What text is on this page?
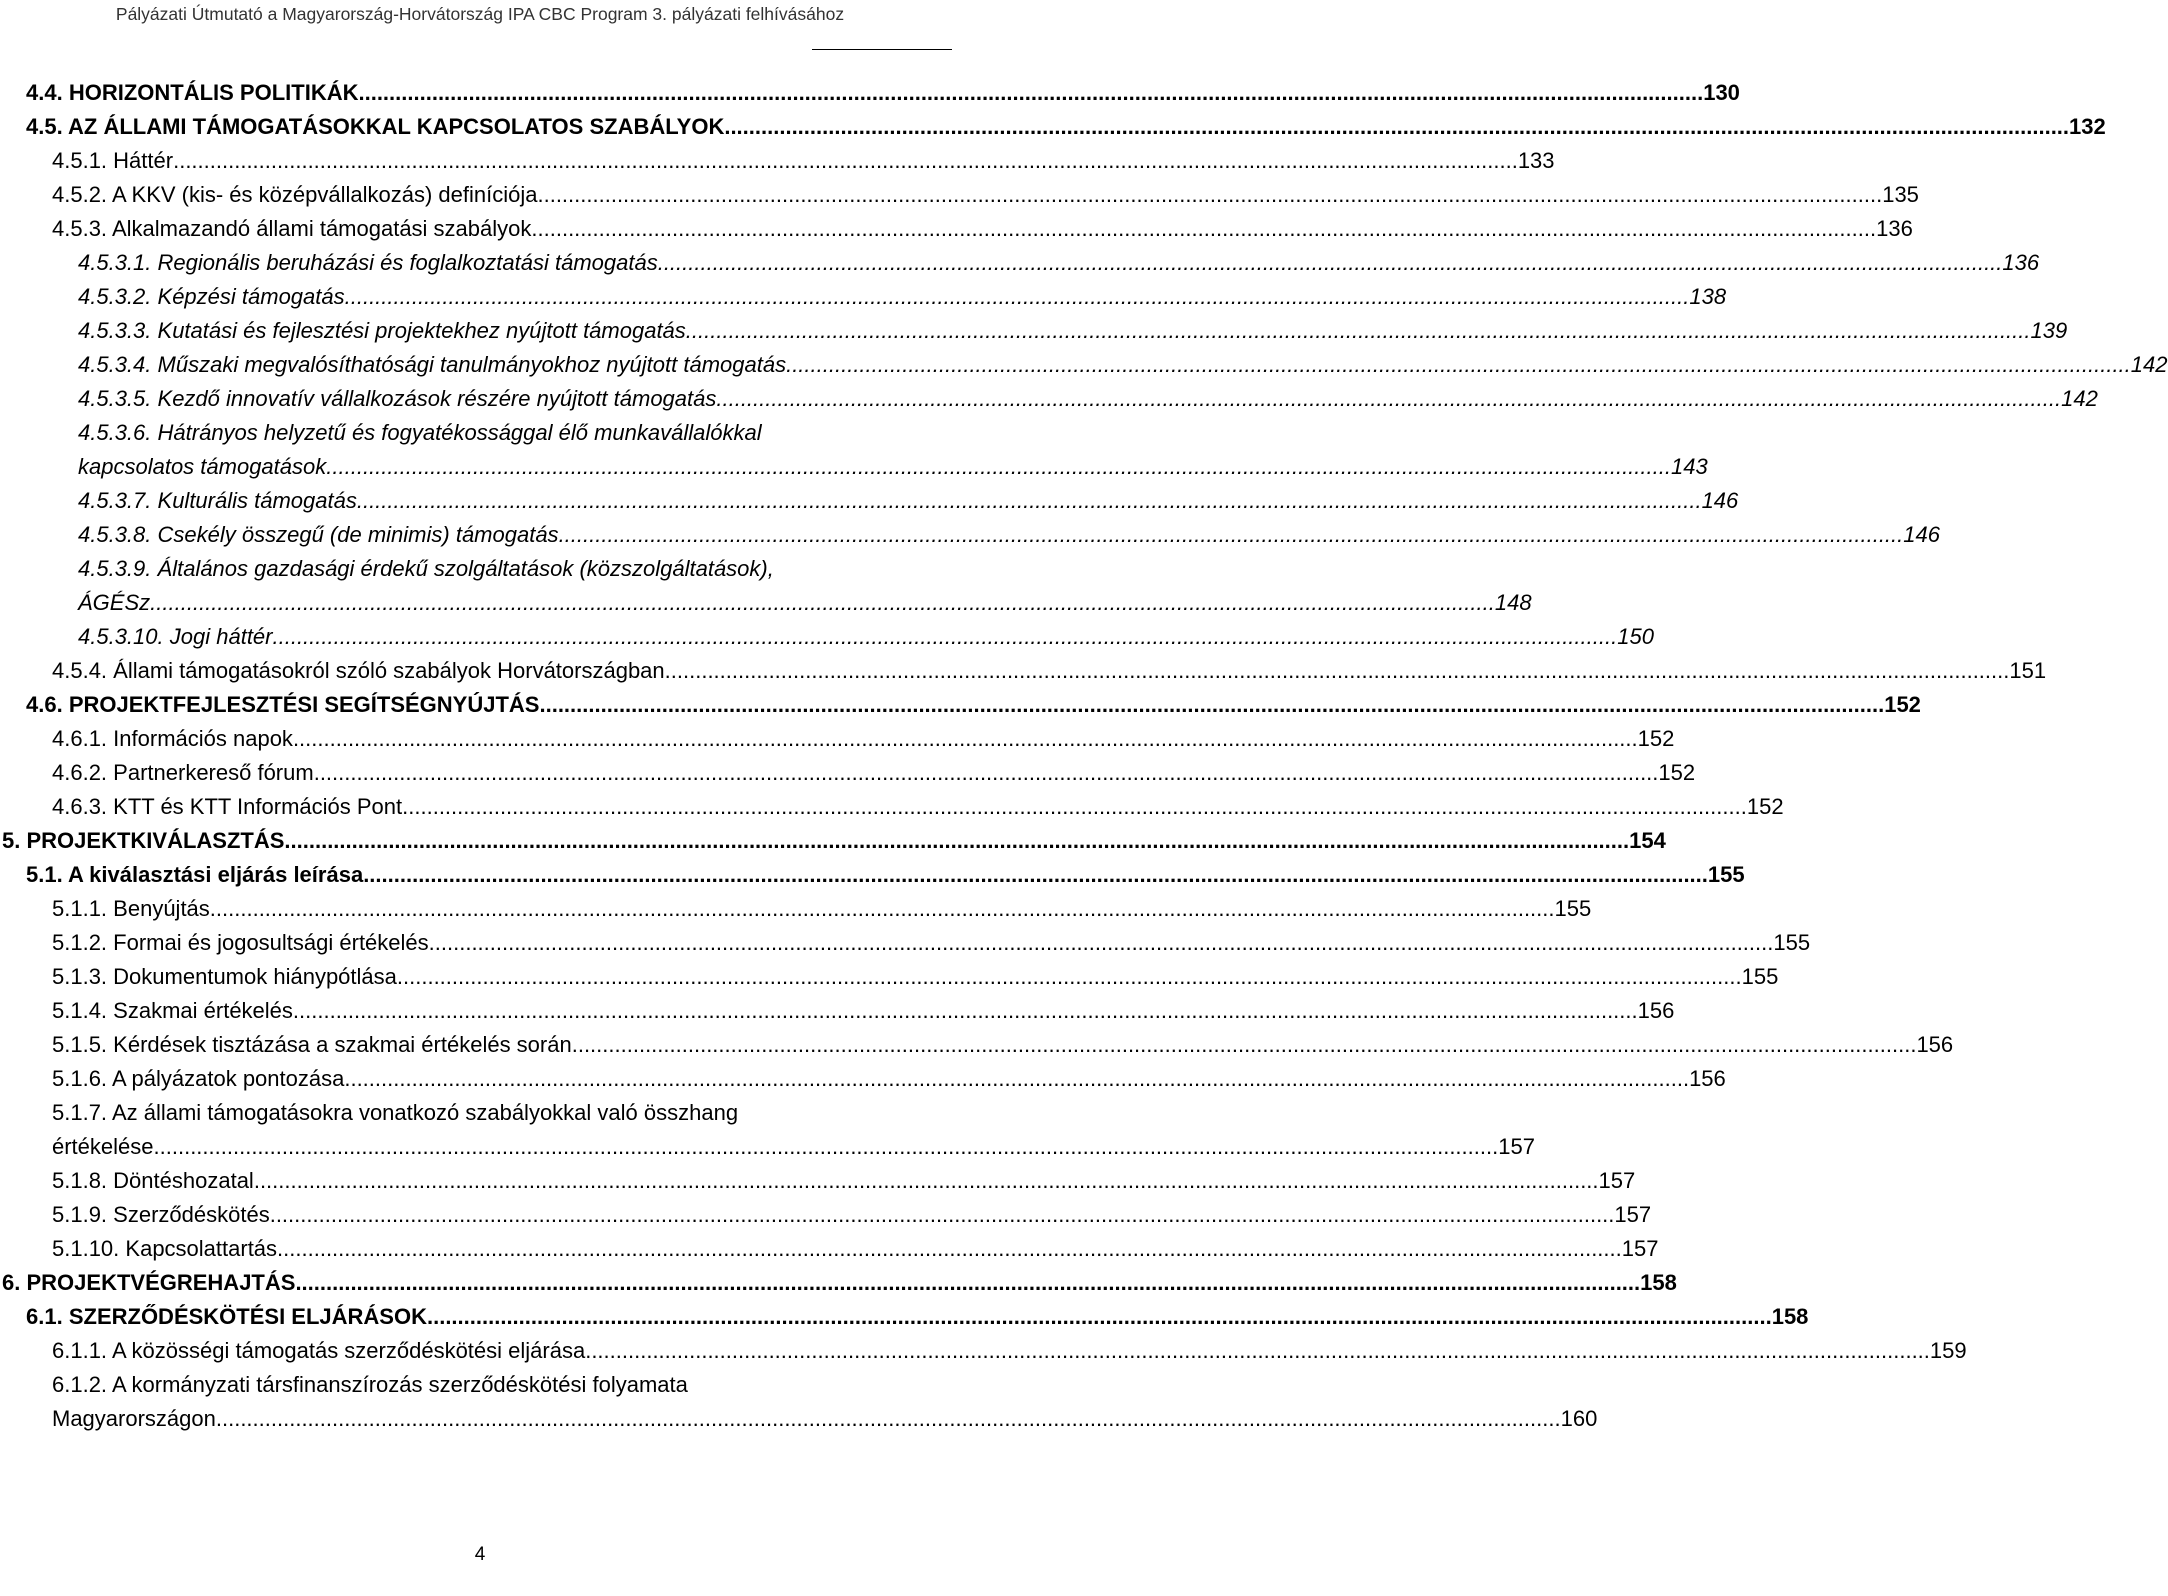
Pályázati Útmutató a Magyarország-Horvátország IPA CBC Program 3. pályázati felhívásához
4.4. HORIZONTÁLIS POLITIKÁK ............................................................................................................................................................................................................................ 130
4.5. AZ ÁLLAMI TÁMOGATÁSOKKAL KAPCSOLATOS SZABÁLYOK ............................................................................................................................................................................................................................ 132
4.5.1. Háttér ............................................................................................................................................................................................................................ 133
4.5.2. A KKV (kis- és középvállalkozás) definíciója ............................................................................................................................................................................................................................ 135
4.5.3. Alkalmazandó állami támogatási szabályok ............................................................................................................................................................................................................................ 136
4.5.3.1. Regionális beruházási és foglalkoztatási támogatás ............................................................................................................................................................................................................................ 136
4.5.3.2. Képzési támogatás ............................................................................................................................................................................................................................ 138
4.5.3.3. Kutatási és fejlesztési projektekhez nyújtott támogatás ............................................................................................................................................................................................................................ 139
4.5.3.4. Műszaki megvalósíthatósági tanulmányokhoz nyújtott támogatás ............................................................................................................................................................................................................................ 142
4.5.3.5. Kezdő innovatív vállalkozások részére nyújtott támogatás ............................................................................................................................................................................................................................ 142
4.5.3.6. Hátrányos helyzetű és fogyatékossággal élő munkavállalókkal
kapcsolatos támogatások ............................................................................................................................................................................................................................ 143
4.5.3.7. Kulturális támogatás ............................................................................................................................................................................................................................ 146
4.5.3.8. Csekély összegű (de minimis) támogatás ............................................................................................................................................................................................................................ 146
4.5.3.9. Általános gazdasági érdekű szolgáltatások (közszolgáltatások),
ÁGÉSz ............................................................................................................................................................................................................................ 148
4.5.3.10. Jogi háttér ............................................................................................................................................................................................................................ 150
4.5.4. Állami támogatásokról szóló szabályok Horvátországban ............................................................................................................................................................................................................................ 151
4.6. PROJEKTFEJLESZTÉSI SEGÍTSÉGNYÚJTÁS ............................................................................................................................................................................................................................ 152
4.6.1. Információs napok ............................................................................................................................................................................................................................ 152
4.6.2. Partnerkereső fórum ............................................................................................................................................................................................................................ 152
4.6.3. KTT és KTT Információs Pont ............................................................................................................................................................................................................................ 152
5. PROJEKTKIVÁLASZTÁS ............................................................................................................................................................................................................................ 154
5.1. A kiválasztási eljárás leírása ............................................................................................................................................................................................................................ 155
5.1.1. Benyújtás ............................................................................................................................................................................................................................ 155
5.1.2. Formai és jogosultsági értékelés ............................................................................................................................................................................................................................ 155
5.1.3. Dokumentumok hiánypótlása ............................................................................................................................................................................................................................ 155
5.1.4. Szakmai értékelés ............................................................................................................................................................................................................................ 156
5.1.5. Kérdések tisztázása a szakmai értékelés során ............................................................................................................................................................................................................................ 156
5.1.6. A pályázatok pontozása ............................................................................................................................................................................................................................ 156
5.1.7. Az állami támogatásokra vonatkozó szabályokkal való összhang
értékelése ............................................................................................................................................................................................................................ 157
5.1.8. Döntéshozatal ............................................................................................................................................................................................................................ 157
5.1.9. Szerződéskötés ............................................................................................................................................................................................................................ 157
5.1.10. Kapcsolattartás ............................................................................................................................................................................................................................ 157
6. PROJEKTVÉGREHAJTÁS ............................................................................................................................................................................................................................ 158
6.1. SZERZŐDÉSKÖTÉSI ELJÁRÁSOK ............................................................................................................................................................................................................................ 158
6.1.1. A közösségi támogatás szerződéskötési eljárása ............................................................................................................................................................................................................................ 159
6.1.2. A kormányzati társfinanszírozás szerződéskötési folyamata
Magyarországon ............................................................................................................................................................................................................................ 160
4
